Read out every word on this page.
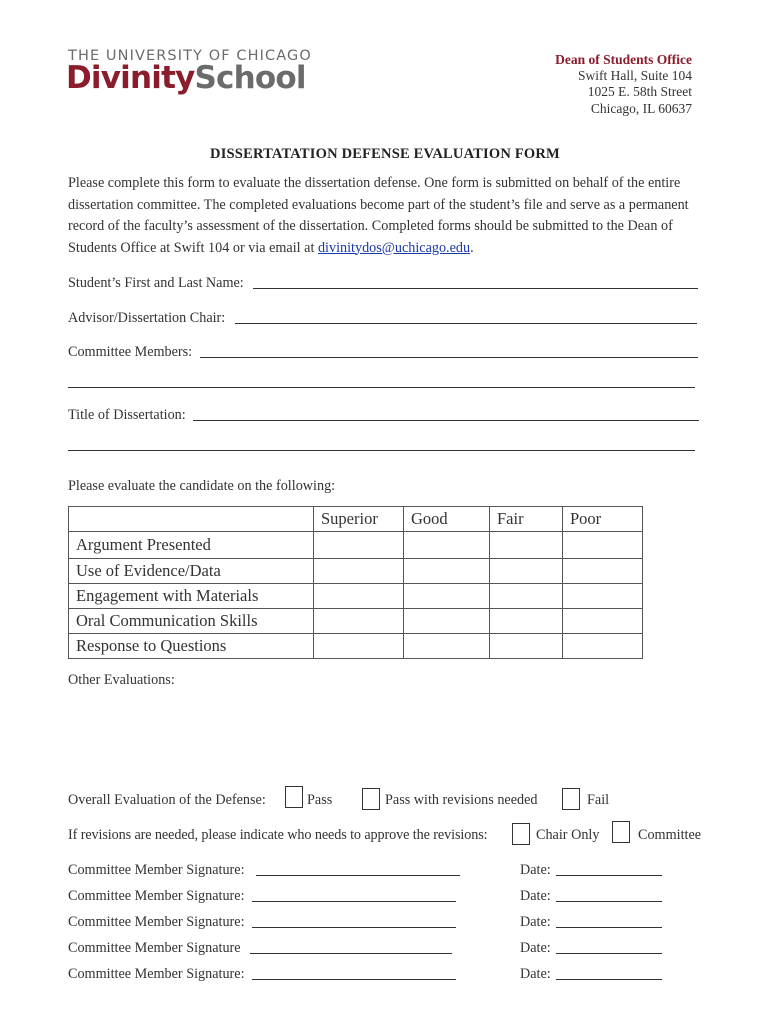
THE UNIVERSITY OF CHICAGO
DivinitySchool
Dean of Students Office
Swift Hall, Suite 104
1025 E. 58th Street
Chicago, IL 60637
DISSERTATATION DEFENSE EVALUATION FORM
Please complete this form to evaluate the dissertation defense. One form is submitted on behalf of the entire dissertation committee. The completed evaluations become part of the student’s file and serve as a permanent record of the faculty’s assessment of the dissertation. Completed forms should be submitted to the Dean of Students Office at Swift 104 or via email at divinitydos@uchicago.edu.
Student’s First and Last Name:
Advisor/Dissertation Chair:
Committee Members:
Title of Dissertation:
Please evaluate the candidate on the following:
	Superior	Good	Fair	Poor
Argument Presented				
Use of Evidence/Data				
Engagement with Materials				
Oral Communication Skills				
Response to Questions				
Other Evaluations:
Overall Evaluation of the Defense:	Pass	Pass with revisions needed	Fail
If revisions are needed, please indicate who needs to approve the revisions:	Chair Only	Committee
Committee Member Signature:	Date:
Committee Member Signature:	Date:
Committee Member Signature:	Date:
Committee Member Signature	Date:
Committee Member Signature:	Date:
